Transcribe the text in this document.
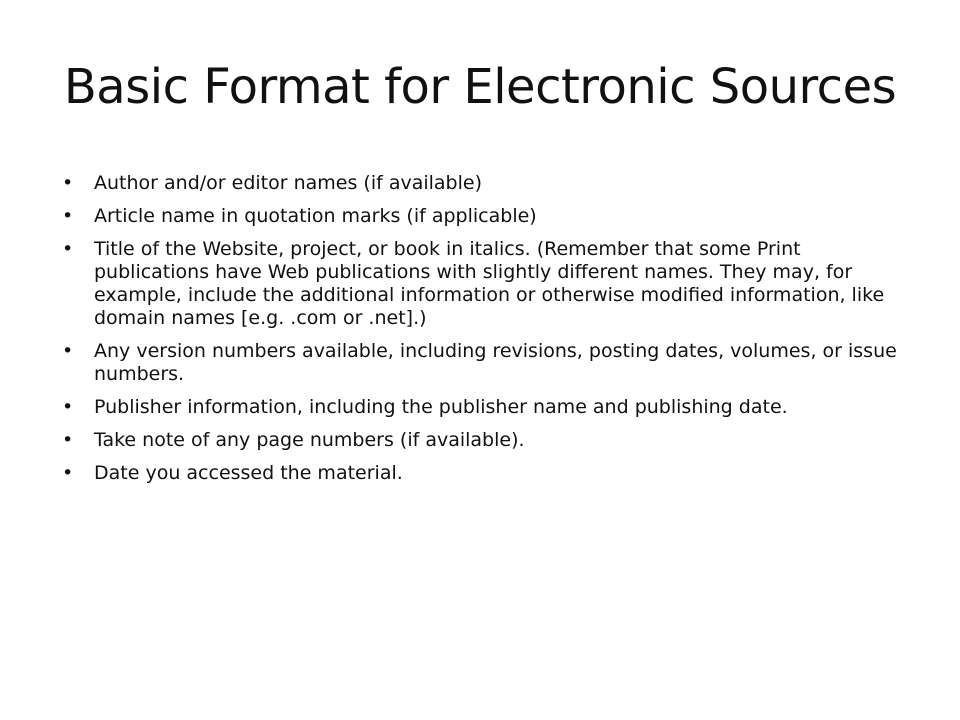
Basic Format for Electronic Sources
•	Author and/or editor names (if available)
•	Article name in quotation marks (if applicable)
•	Title of the Website, project, or book in italics. (Remember that some Print publications have Web publications with slightly different names. They may, for example, include the additional information or otherwise modified information, like domain names [e.g. .com or .net].)
•	Any version numbers available, including revisions, posting dates, volumes, or issue numbers.
•	Publisher information, including the publisher name and publishing date.
•	Take note of any page numbers (if available).
•	Date you accessed the material.
